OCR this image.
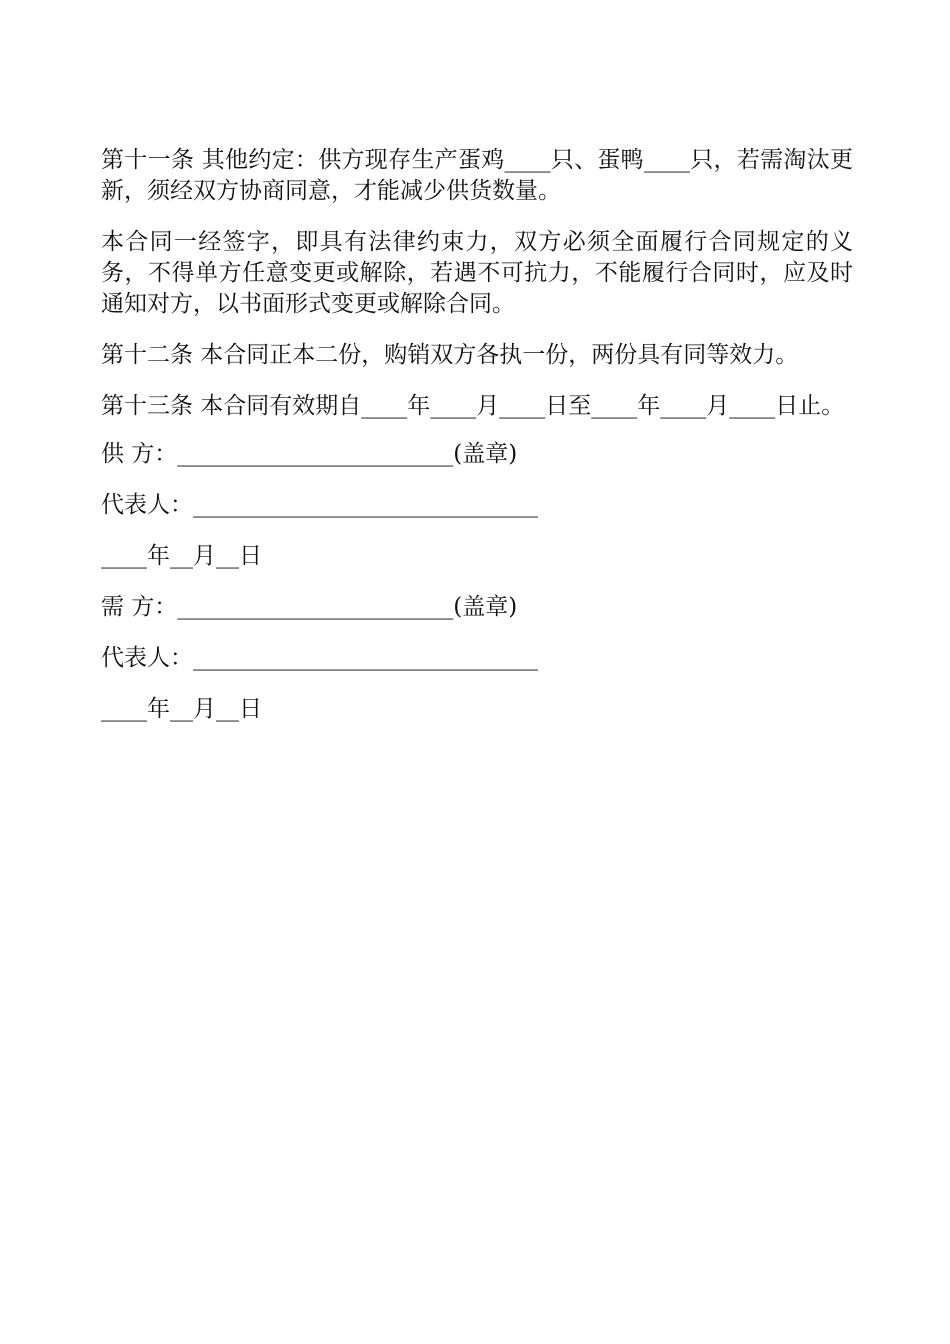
第十一条 其他约定：供方现存生产蛋鸡____只、蛋鸭____只，若需淘汰更新，须经双方协商同意，才能减少供货数量。

本合同一经签字，即具有法律约束力，双方必须全面履行合同规定的义务，不得单方任意变更或解除，若遇不可抗力，不能履行合同时，应及时通知对方，以书面形式变更或解除合同。

第十二条 本合同正本二份，购销双方各执一份，两份具有同等效力。

第十三条 本合同有效期自____年____月____日至____年____月____日止。

供 方：________________________(盖章)

代表人：______________________________

____年__月__日

需 方：________________________(盖章)

代表人：______________________________

____年__月__日
